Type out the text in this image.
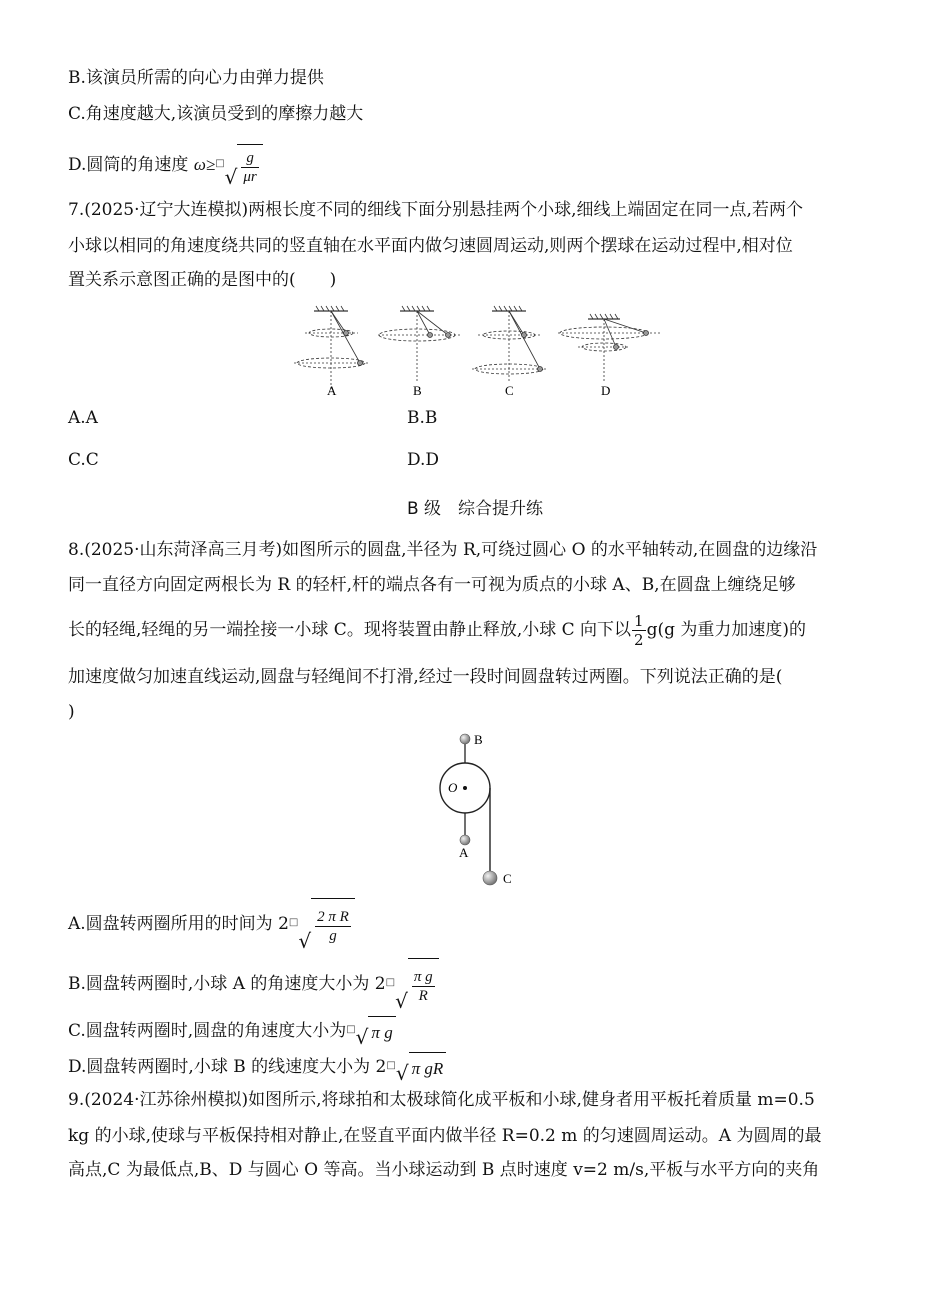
B.该演员所需的向心力由弹力提供
C.角速度越大,该演员受到的摩擦力越大
D.圆筒的角速度 ω≥□
√ $\frac{g}{\mu r}$
7.(2025·辽宁大连模拟)两根长度不同的细线下面分别悬挂两个小球,细线上端固定在同一点,若两个
小球以相同的角速度绕共同的竖直轴在水平面内做匀速圆周运动,则两个摆球在运动过程中,相对位
置关系示意图正确的是图中的(　　)
A	B	C	D
A.A	B.B
C.C	D.D
B 级　综合提升练
8.(2025·山东菏泽高三月考)如图所示的圆盘,半径为 R,可绕过圆心 O 的水平轴转动,在圆盘的边缘沿
同一直径方向固定两根长为 R 的轻杆,杆的端点各有一可视为质点的小球 A、B,在圆盘上缠绕足够
长的轻绳,轻绳的另一端拴接一小球 C。现将装置由静止释放,小球 C 向下以 $\frac{1}{2} g(g$ 为重力加速度)的
加速度做匀加速直线运动,圆盘与轻绳间不打滑,经过一段时间圆盘转过两圈。下列说法正确的是(
)
B
O
A
C
A.圆盘转两圈所用的时间为 2□
√ $\frac{\text{2 π R}}{g}$
B.圆盘转两圈时,小球 A 的角速度大小为 2□
√ $\frac{\text{π g}}{R}$
C.圆盘转两圈时,圆盘的角速度大小为□ √ π g
D.圆盘转两圈时,小球 B 的线速度大小为 2□ √ π gR
9.(2024·江苏徐州模拟)如图所示,将球拍和太极球简化成平板和小球,健身者用平板托着质量 m=0.5
kg 的小球,使球与平板保持相对静止,在竖直平面内做半径 R=0.2 m 的匀速圆周运动。A 为圆周的最
高点,C 为最低点,B、D 与圆心 O 等高。当小球运动到 B 点时速度 v=2 m/s,平板与水平方向的夹角
